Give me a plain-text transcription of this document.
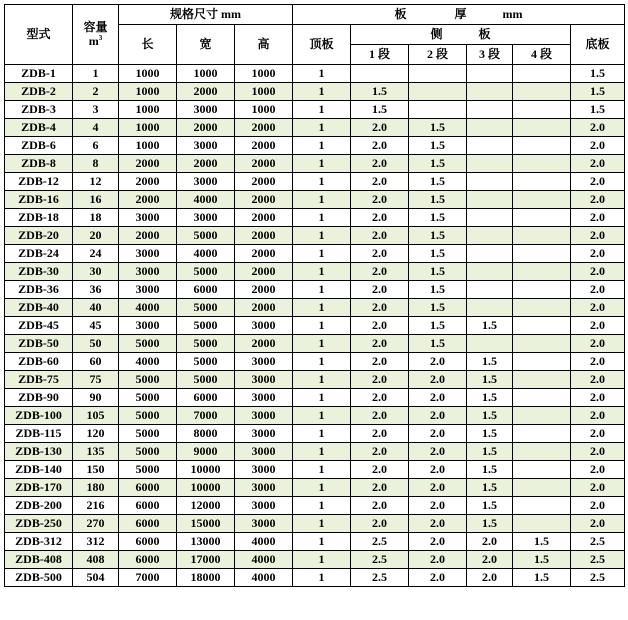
型式	容量
$m^3$	规格尺寸 mm			板　　　　厚　　　mm					
		长	宽	高	顶板	侧　　　板				底板
						1 段	2 段	3 段	4 段	
ZDB-1	1	1000	1000	1000	1					1.5
ZDB-2	2	1000	2000	1000	1	1.5				1.5
ZDB-3	3	1000	3000	1000	1	1.5				1.5
ZDB-4	4	1000	2000	2000	1	2.0	1.5			2.0
ZDB-6	6	1000	3000	2000	1	2.0	1.5			2.0
ZDB-8	8	2000	2000	2000	1	2.0	1.5			2.0
ZDB-12	12	2000	3000	2000	1	2.0	1.5			2.0
ZDB-16	16	2000	4000	2000	1	2.0	1.5			2.0
ZDB-18	18	3000	3000	2000	1	2.0	1.5			2.0
ZDB-20	20	2000	5000	2000	1	2.0	1.5			2.0
ZDB-24	24	3000	4000	2000	1	2.0	1.5			2.0
ZDB-30	30	3000	5000	2000	1	2.0	1.5			2.0
ZDB-36	36	3000	6000	2000	1	2.0	1.5			2.0
ZDB-40	40	4000	5000	2000	1	2.0	1.5			2.0
ZDB-45	45	3000	5000	3000	1	2.0	1.5	1.5		2.0
ZDB-50	50	5000	5000	2000	1	2.0	1.5			2.0
ZDB-60	60	4000	5000	3000	1	2.0	2.0	1.5		2.0
ZDB-75	75	5000	5000	3000	1	2.0	2.0	1.5		2.0
ZDB-90	90	5000	6000	3000	1	2.0	2.0	1.5		2.0
ZDB-100	105	5000	7000	3000	1	2.0	2.0	1.5		2.0
ZDB-115	120	5000	8000	3000	1	2.0	2.0	1.5		2.0
ZDB-130	135	5000	9000	3000	1	2.0	2.0	1.5		2.0
ZDB-140	150	5000	10000	3000	1	2.0	2.0	1.5		2.0
ZDB-170	180	6000	10000	3000	1	2.0	2.0	1.5		2.0
ZDB-200	216	6000	12000	3000	1	2.0	2.0	1.5		2.0
ZDB-250	270	6000	15000	3000	1	2.0	2.0	1.5		2.0
ZDB-312	312	6000	13000	4000	1	2.5	2.0	2.0	1.5	2.5
ZDB-408	408	6000	17000	4000	1	2.5	2.0	2.0	1.5	2.5
ZDB-500	504	7000	18000	4000	1	2.5	2.0	2.0	1.5	2.5
